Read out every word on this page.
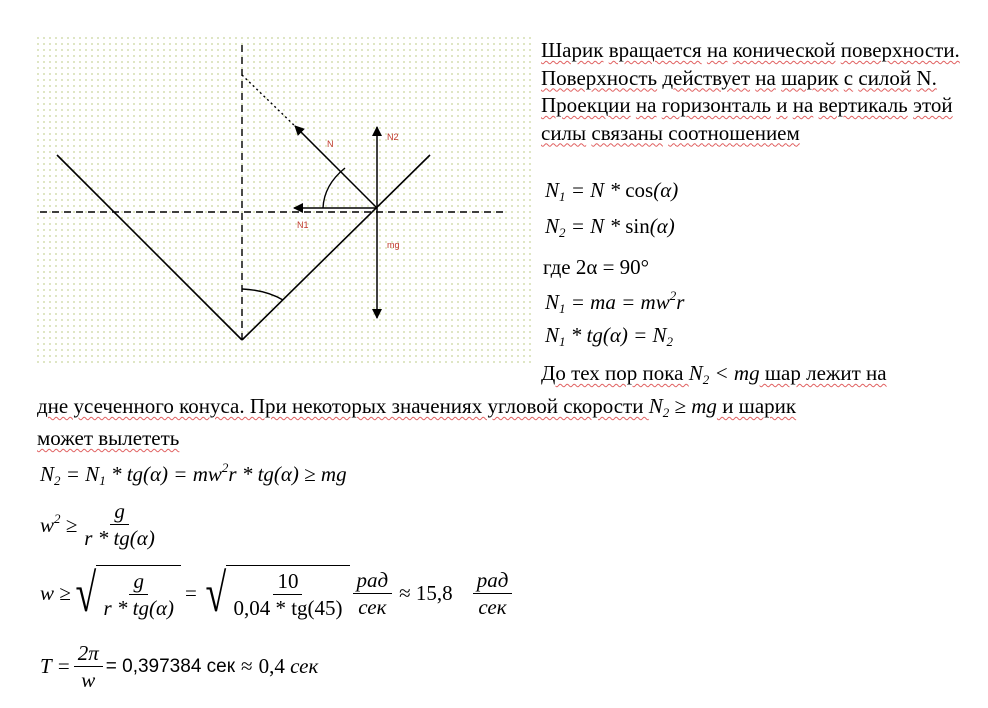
N
N2
N1
mg

Шарик вращается на конической поверхности. Поверхность действует на шарик с силой N. Проекции на горизонталь и на вертикаль этой силы связаны соотношением

$N_1 = N * \cos(\alpha)$
$N_2 = N * \sin(\alpha)$
где 2α = 90°
$N_1$ = ma = $mw^2r$
$N_1 * tg(\alpha) = N_2$
До тех пор пока $N_2$ < mg шар лежит на
дне усеченного конуса. При некоторых значениях угловой скорости $N_2$ ≥ mg и шарик
может вылететь
$N_2 = N_1 * tg(\alpha) = mw^2r * tg(\alpha)$ ≥ mg
$w^2 \ge \frac{g}{r * tg(\alpha)}$
w ≥ √ $\frac{g}{r * tg(\alpha)}$ = √ $\frac{10}{0,04 * tg(45)} \frac{\text{рад}}{\text{сек}} \approx 15,8 \frac{\text{рад}}{\text{сек}}$
$T = \frac{2\pi}{w} = 0,397384$ сек ≈ 0,4
сек
